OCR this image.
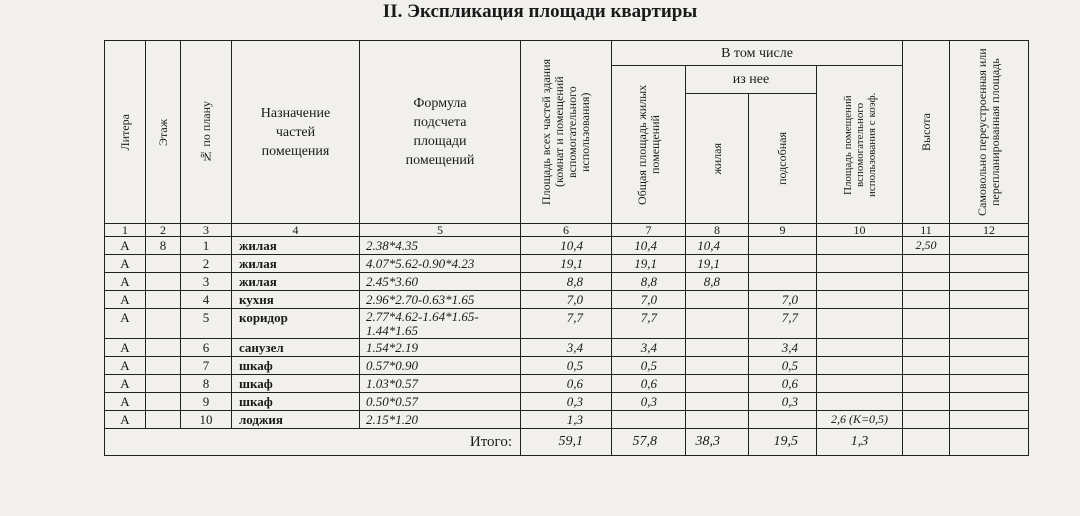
II. Экспликация площади квартиры
Литера	Этаж	№ по плану	Назначение частей помещения	Формула подсчета площади помещений	Площадь всех частей здания (комнат и помещений вспомогательного использования)	В том числе				Высота	Самовольно переустроенная или перепланированная площадь

						Общая площадь жилых помещений	из нее		Площадь помещений вспомогательного использования с коэф.		

							жилая	подсобная			

1	2	3	4	5	6	7	8	9	10	11	12
А	8	1	жилая	2.38*4.35	10,4	10,4	10,4			2,50	
А		2	жилая	4.07*5.62-0.90*4.23	19,1	19,1	19,1				
А		3	жилая	2.45*3.60	8,8	8,8	8,8				
А		4	кухня	2.96*2.70-0.63*1.65	7,0	7,0		7,0			
А		5	коридор	2.77*4.62-1.64*1.65- 1.44*1.65	7,7	7,7		7,7			
А		6	санузел	1.54*2.19	3,4	3,4		3,4			
А		7	шкаф	0.57*0.90	0,5	0,5		0,5			
А		8	шкаф	1.03*0.57	0,6	0,6		0,6			
А		9	шкаф	0.50*0.57	0,3	0,3		0,3			
А		10	лоджия	2.15*1.20	1,3				2,6 (K=0,5)		
Итого:					59,1	57,8	38,3	19,5	1,3		
